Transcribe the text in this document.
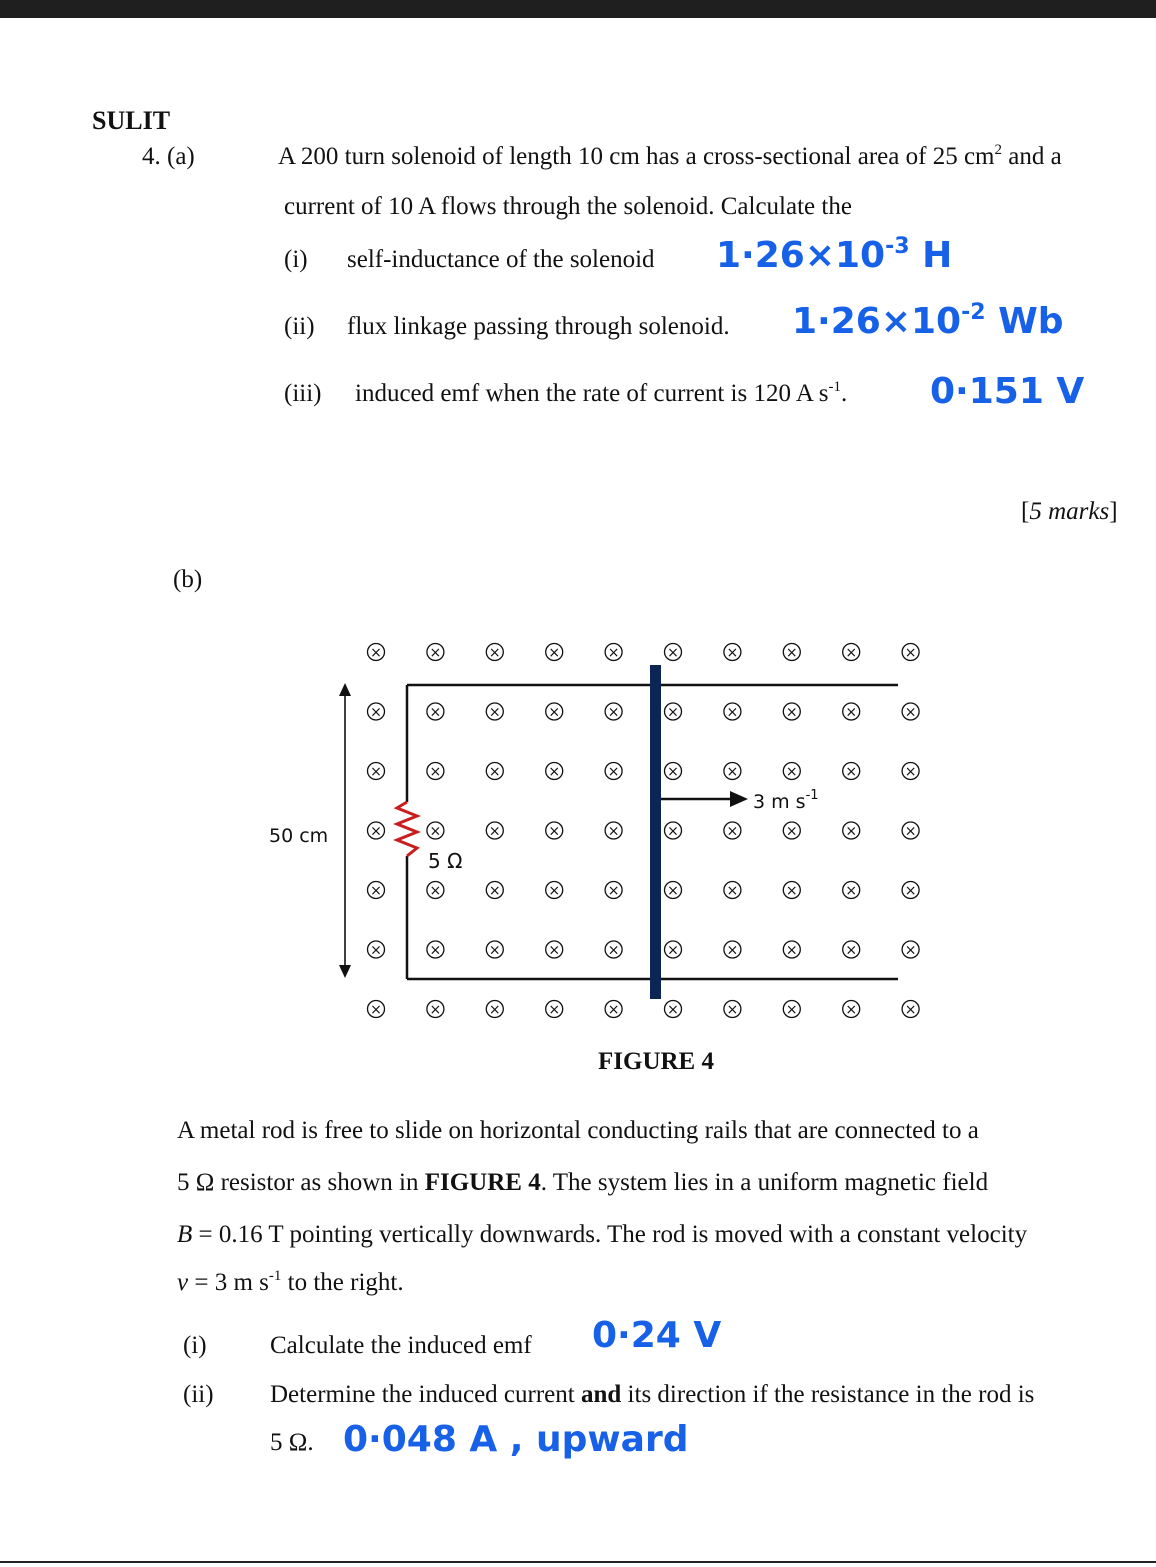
SULIT
4. (a)	A 200 turn solenoid of length 10 cm has a cross-sectional area of 25 $cm^2$ and a
current of 10 A flows through the solenoid. Calculate the
(i) self-inductance of the solenoid $1\cdot 26\times 10^{-3}$ H
(ii) flux linkage passing through solenoid. $1\cdot 26\times 10^{-2}$ Wb
(iii) induced emf when the rate of current is 120 A $s^{-1}$. 0·151 V
[5 marks]
(b)
×	×	×	×	×	×	×	×	×	×
×	×	×	×	×	×	×	×	×	×
×	×	×	×	×	×	×	×	×	×
×	×	×	×	×	×	×	×	×	×
×	×	×	×	×	×	×	×	×	×
×	×	×	×	×	×	×	×	×	×
×	×	×	×	×	×	×	×	×	×
5 Ω
3 m $s^{-1}$
50 cm
FIGURE 4
A metal rod is free to slide on horizontal conducting rails that are connected to a
5 Ω resistor as shown in FIGURE 4. The system lies in a uniform magnetic field
B = 0.16 T pointing vertically downwards. The rod is moved with a constant velocity
v = 3 m $s^{-1}$ to the right.
(i)	Calculate the induced emf 0·24 V
(ii) Determine the induced current and its direction if the resistance in the rod is
5 Ω. 0·048 A , upward
